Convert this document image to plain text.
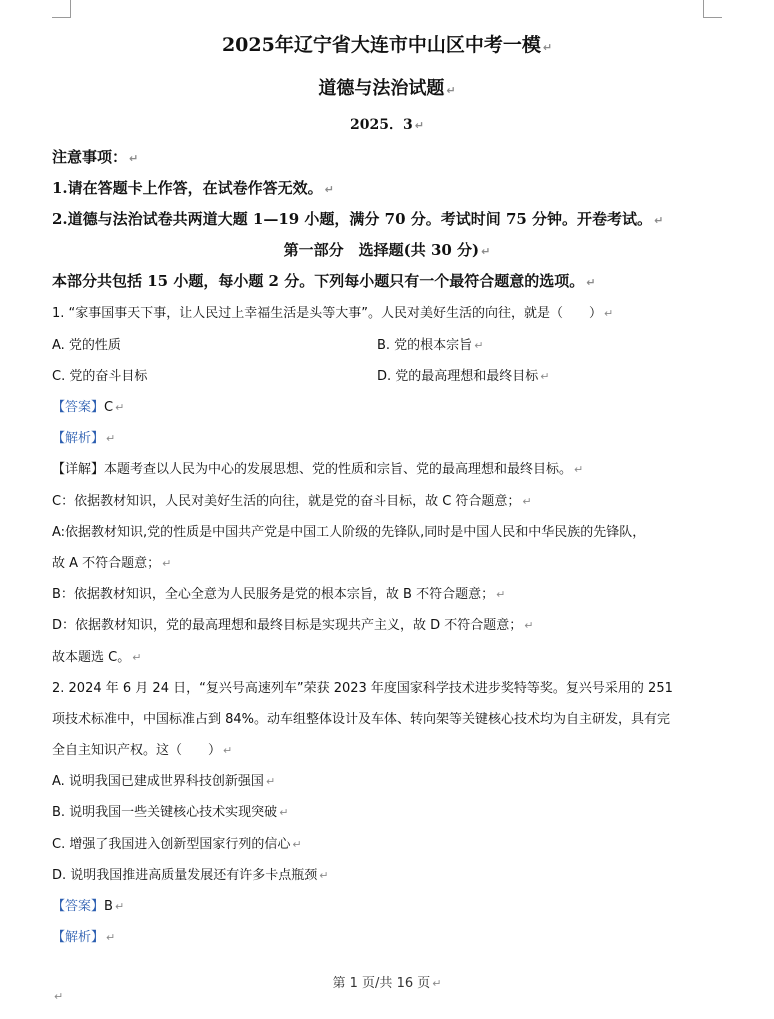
2025年辽宁省大连市中山区中考一模 ↵
道德与法治试题 ↵
2025．3 ↵
注意事项： ↵
1.请在答题卡上作答，在试卷作答无效。 ↵
2.道德与法治试卷共两道大题 1—19 小题，满分 70 分。考试时间 75 分钟。开卷考试。 ↵
第一部分　选择题(共 30 分) ↵
本部分共包括 15 小题，每小题 2 分。下列每小题只有一个最符合题意的选项。 ↵
1. “家事国事天下事，让人民过上幸福生活是头等大事”。人民对美好生活的向往，就是（　　） ↵
A. 党的性质	B. 党的根本宗旨 ↵
C. 党的奋斗目标	D. 党的最高理想和最终目标 ↵
【答案】C ↵
【解析】 ↵
【详解】本题考查以人民为中心的发展思想、党的性质和宗旨、党的最高理想和最终目标。 ↵
C：依据教材知识，人民对美好生活的向往，就是党的奋斗目标，故 C 符合题意； ↵
A:依据教材知识,党的性质是中国共产党是中国工人阶级的先锋队,同时是中国人民和中华民族的先锋队，
故 A 不符合题意； ↵
B：依据教材知识，全心全意为人民服务是党的根本宗旨，故 B 不符合题意； ↵
D：依据教材知识，党的最高理想和最终目标是实现共产主义，故 D 不符合题意； ↵
故本题选 C。 ↵
2. 2024 年 6 月 24 日，“复兴号高速列车”荣获 2023 年度国家科学技术进步奖特等奖。复兴号采用的 251
项技术标准中，中国标准占到 84%。动车组整体设计及车体、转向架等关键核心技术均为自主研发，具有完
全自主知识产权。这（　　） ↵
A. 说明我国已建成世界科技创新强国 ↵
B. 说明我国一些关键核心技术实现突破 ↵
C. 增强了我国进入创新型国家行列的信心 ↵
D. 说明我国推进高质量发展还有许多卡点瓶颈 ↵
【答案】B ↵
【解析】 ↵
第 1 页/共 16 页 ↵
↵
